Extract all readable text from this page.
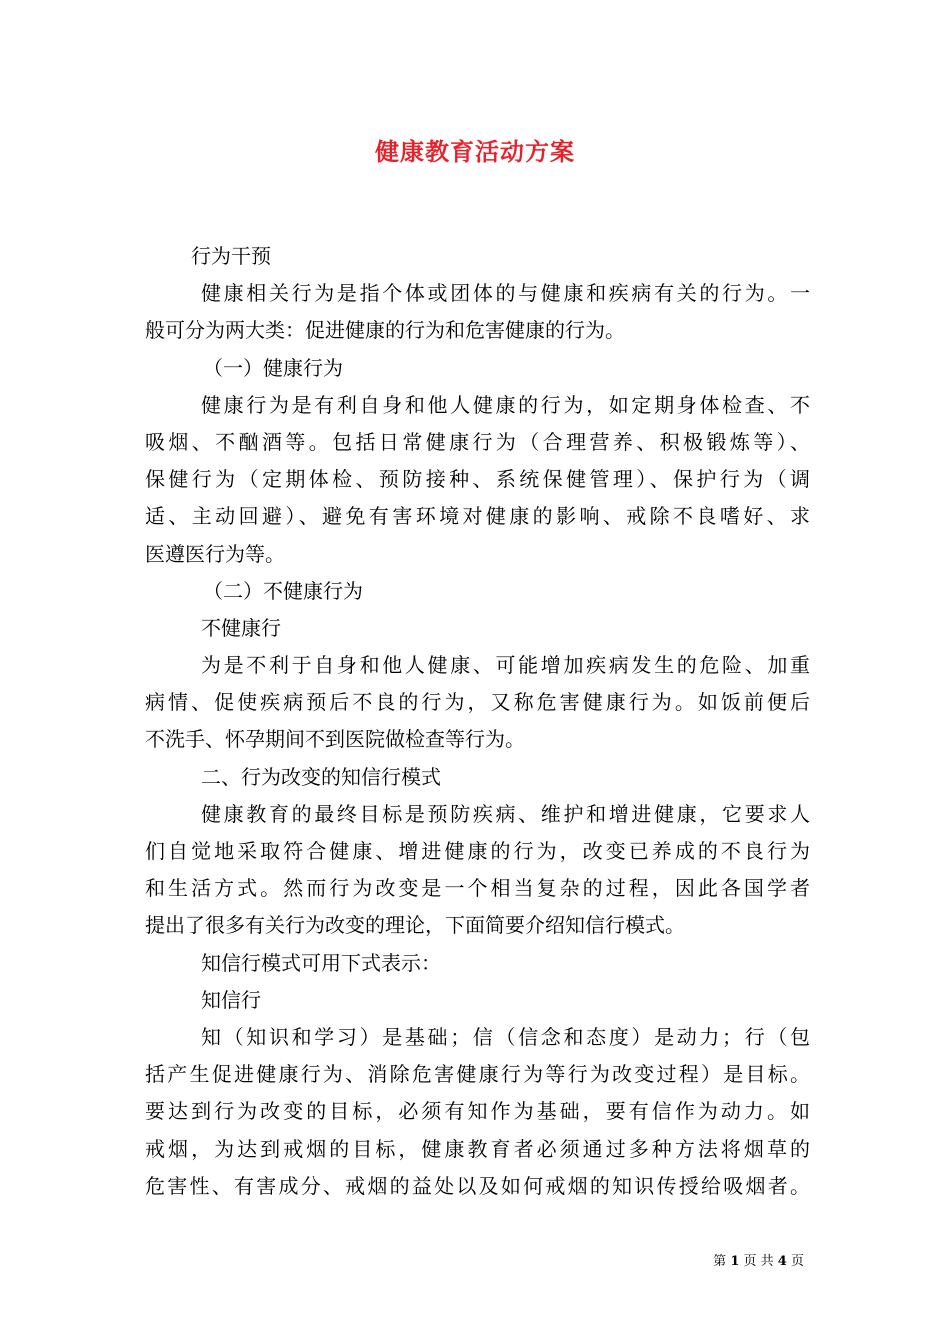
健康教育活动方案
行为干预
健康相关行为是指个体或团体的与健康和疾病有关的行为。一
般可分为两大类：促进健康的行为和危害健康的行为。
（一）健康行为
健康行为是有利自身和他人健康的行为，如定期身体检查、不
吸烟、不酗酒等。包括日常健康行为（合理营养、积极锻炼等）、
保健行为（定期体检、预防接种、系统保健管理）、保护行为（调
适、主动回避）、避免有害环境对健康的影响、戒除不良嗜好、求
医遵医行为等。
（二）不健康行为
不健康行
为是不利于自身和他人健康、可能增加疾病发生的危险、加重
病情、促使疾病预后不良的行为，又称危害健康行为。如饭前便后
不洗手、怀孕期间不到医院做检查等行为。
二、行为改变的知信行模式
健康教育的最终目标是预防疾病、维护和增进健康，它要求人
们自觉地采取符合健康、增进健康的行为，改变已养成的不良行为
和生活方式。然而行为改变是一个相当复杂的过程，因此各国学者
提出了很多有关行为改变的理论，下面简要介绍知信行模式。
知信行模式可用下式表示：
知信行
知（知识和学习）是基础；信（信念和态度）是动力；行（包
括产生促进健康行为、消除危害健康行为等行为改变过程）是目标。
要达到行为改变的目标，必须有知作为基础，要有信作为动力。如
戒烟，为达到戒烟的目标，健康教育者必须通过多种方法将烟草的
危害性、有害成分、戒烟的益处以及如何戒烟的知识传授给吸烟者。
第 1 页 共 4 页
